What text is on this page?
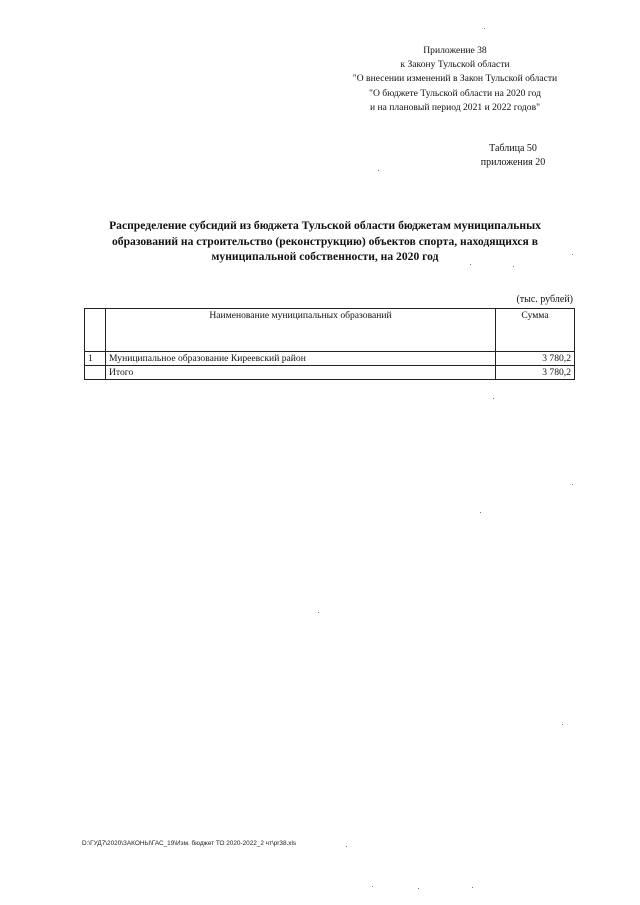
Приложение 38
к Закону Тульской области
"О внесении изменений в Закон Тульской области
"О бюджете Тульской области на 2020 год
и на плановый период 2021 и 2022 годов"
Таблица 50
приложения 20
Распределение субсидий из бюджета Тульской области бюджетам муниципальных образований на строительство (реконструкцию) объектов спорта, находящихся в муниципальной собственности, на 2020 год
(тыс. рублей)
	Наименование муниципальных образований	Сумма
1	Муниципальное образование Киреевский район	3 780,2
	Итого	3 780,2
D:\ГУД7\2020\ЗАКОНЫ\ГАС_19\Изм. бюджет ТО 2020-2022_2 чт\pr38.xls
